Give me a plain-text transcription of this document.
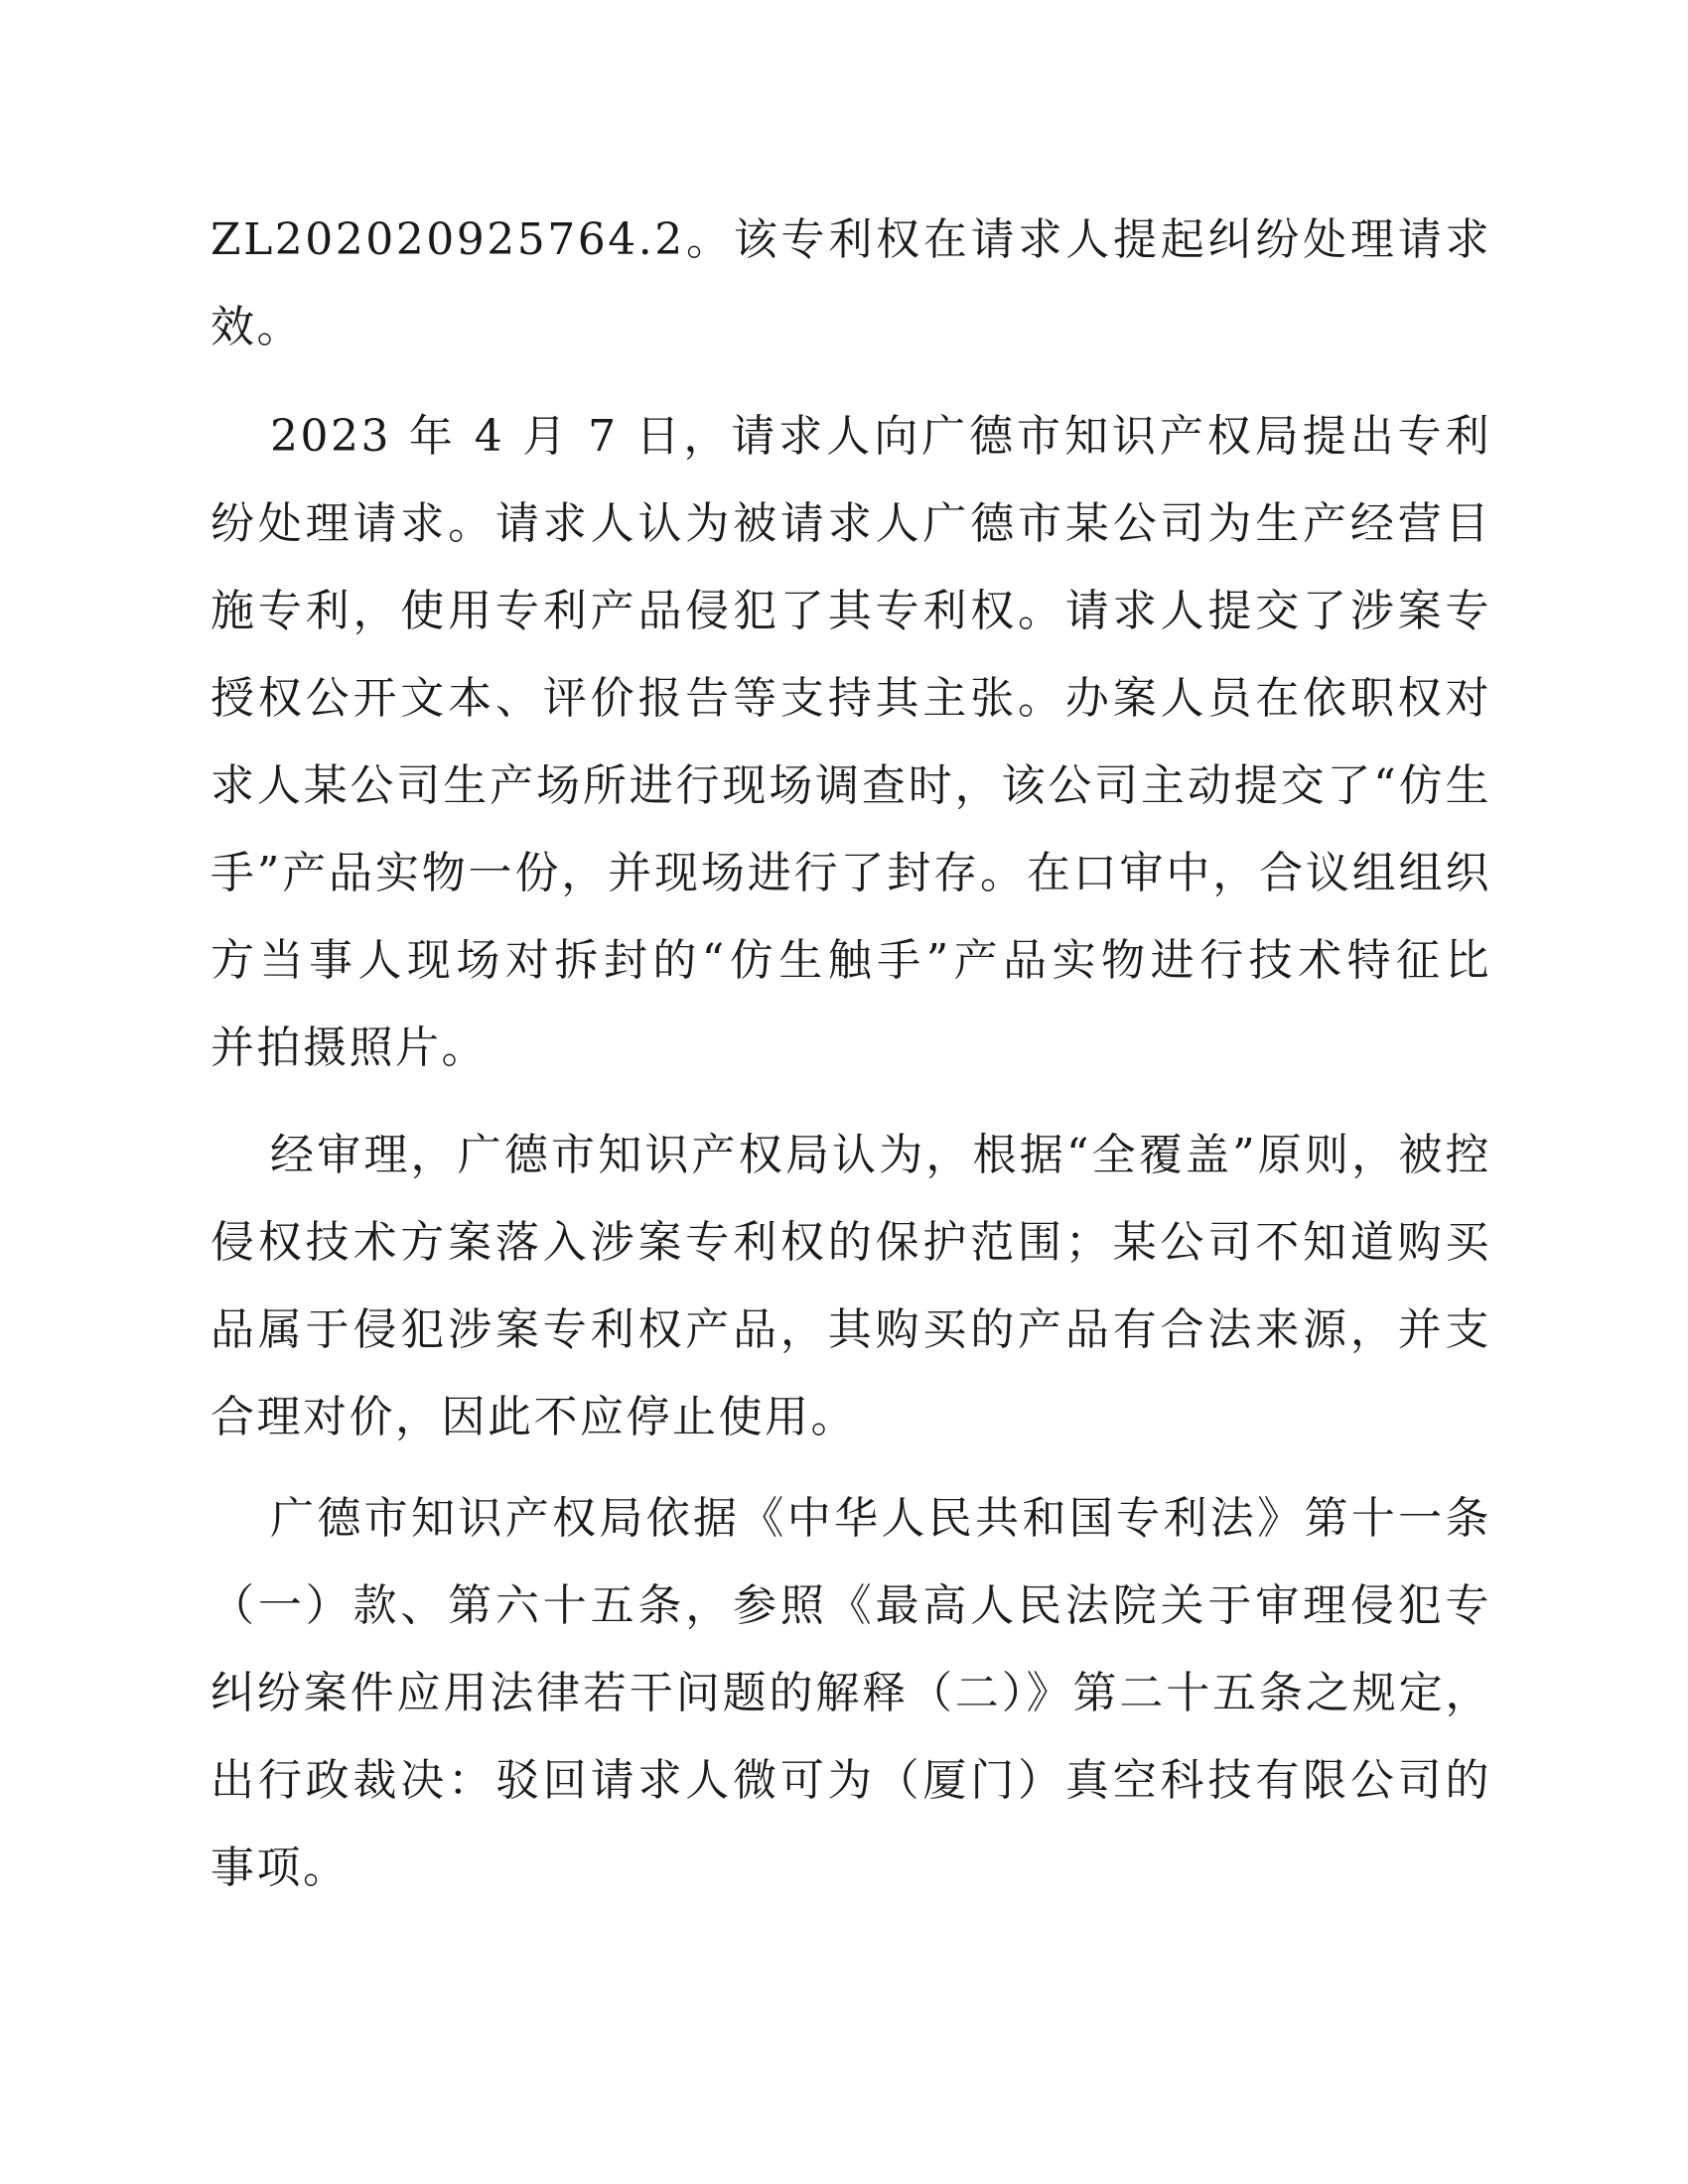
ZL202020925764.2。该专利权在请求人提起纠纷处理请求
效。
2023 年 4 月 7 日，请求人向广德市知识产权局提出专利
纷处理请求。请求人认为被请求人广德市某公司为生产经营目
施专利，使用专利产品侵犯了其专利权。请求人提交了涉案专
授权公开文本、评价报告等支持其主张。办案人员在依职权对
求人某公司生产场所进行现场调查时，该公司主动提交了“仿生
手”产品实物一份，并现场进行了封存。在口审中，合议组组织
方当事人现场对拆封的“仿生触手”产品实物进行技术特征比
并拍摄照片。
经审理，广德市知识产权局认为，根据“全覆盖”原则，被控
侵权技术方案落入涉案专利权的保护范围；某公司不知道购买
品属于侵犯涉案专利权产品，其购买的产品有合法来源，并支
合理对价，因此不应停止使用。
广德市知识产权局依据《中华人民共和国专利法》第十一条
（一）款、第六十五条，参照《最高人民法院关于审理侵犯专
纠纷案件应用法律若干问题的解释（二）》第二十五条之规定，
出行政裁决：驳回请求人微可为（厦门）真空科技有限公司的
事项。
